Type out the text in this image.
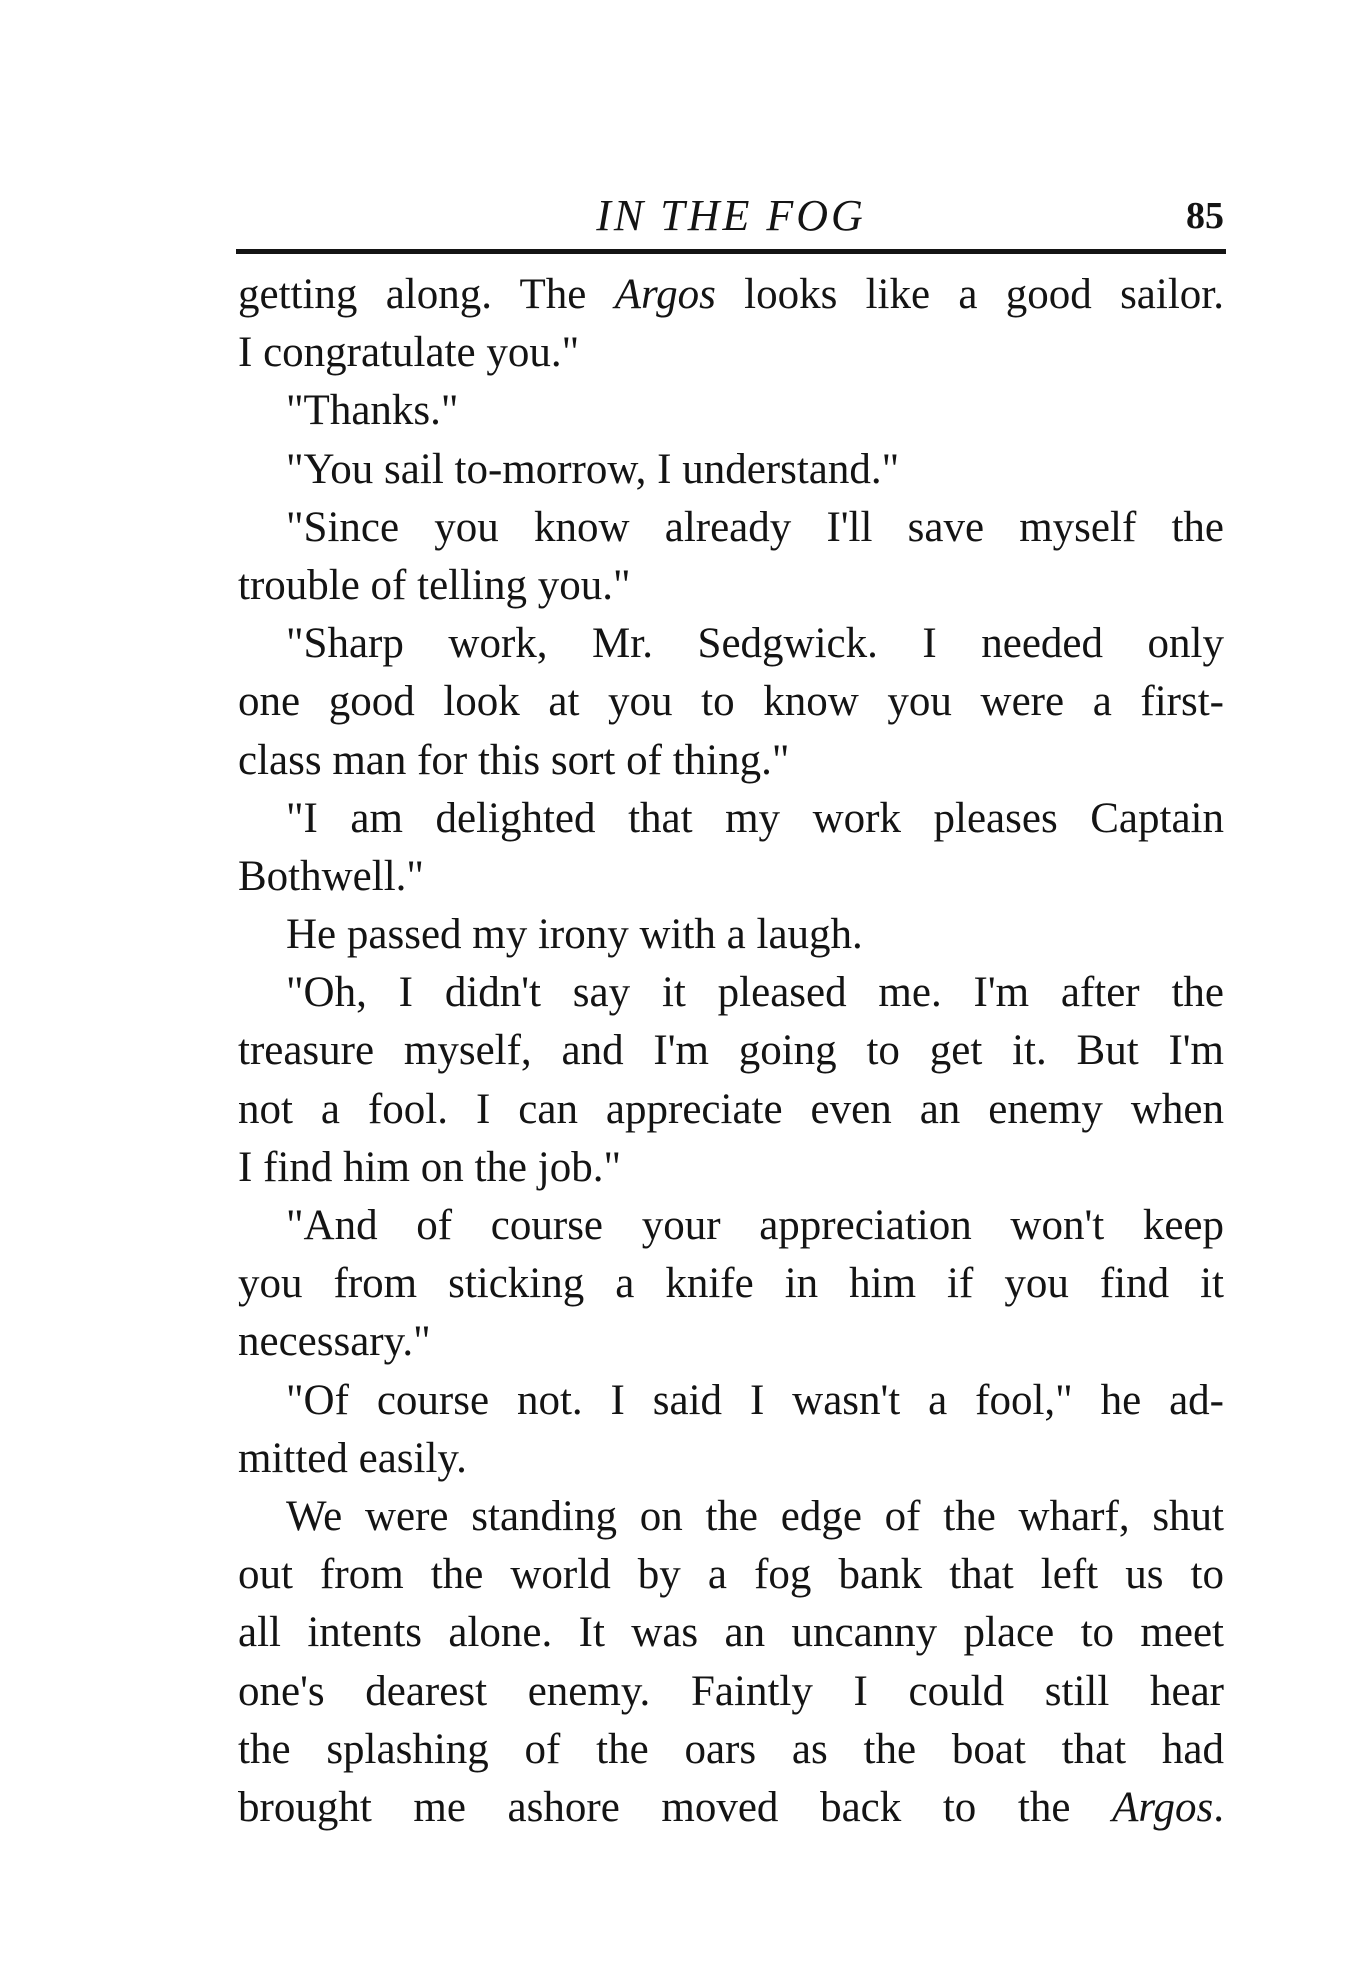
IN THE FOG	85
getting along. The Argos looks like a good sailor.
I congratulate you."
"Thanks."
"You sail to-morrow, I understand."
"Since you know already I'll save myself the
trouble of telling you."
"Sharp work, Mr. Sedgwick. I needed only
one good look at you to know you were a first-
class man for this sort of thing."
"I am delighted that my work pleases Captain
Bothwell."
He passed my irony with a laugh.
"Oh, I didn't say it pleased me. I'm after the
treasure myself, and I'm going to get it. But I'm
not a fool. I can appreciate even an enemy when
I find him on the job."
"And of course your appreciation won't keep
you from sticking a knife in him if you find it
necessary."
"Of course not. I said I wasn't a fool," he ad-
mitted easily.
We were standing on the edge of the wharf, shut
out from the world by a fog bank that left us to
all intents alone. It was an uncanny place to meet
one's dearest enemy. Faintly I could still hear
the splashing of the oars as the boat that had
brought me ashore moved back to the Argos.
